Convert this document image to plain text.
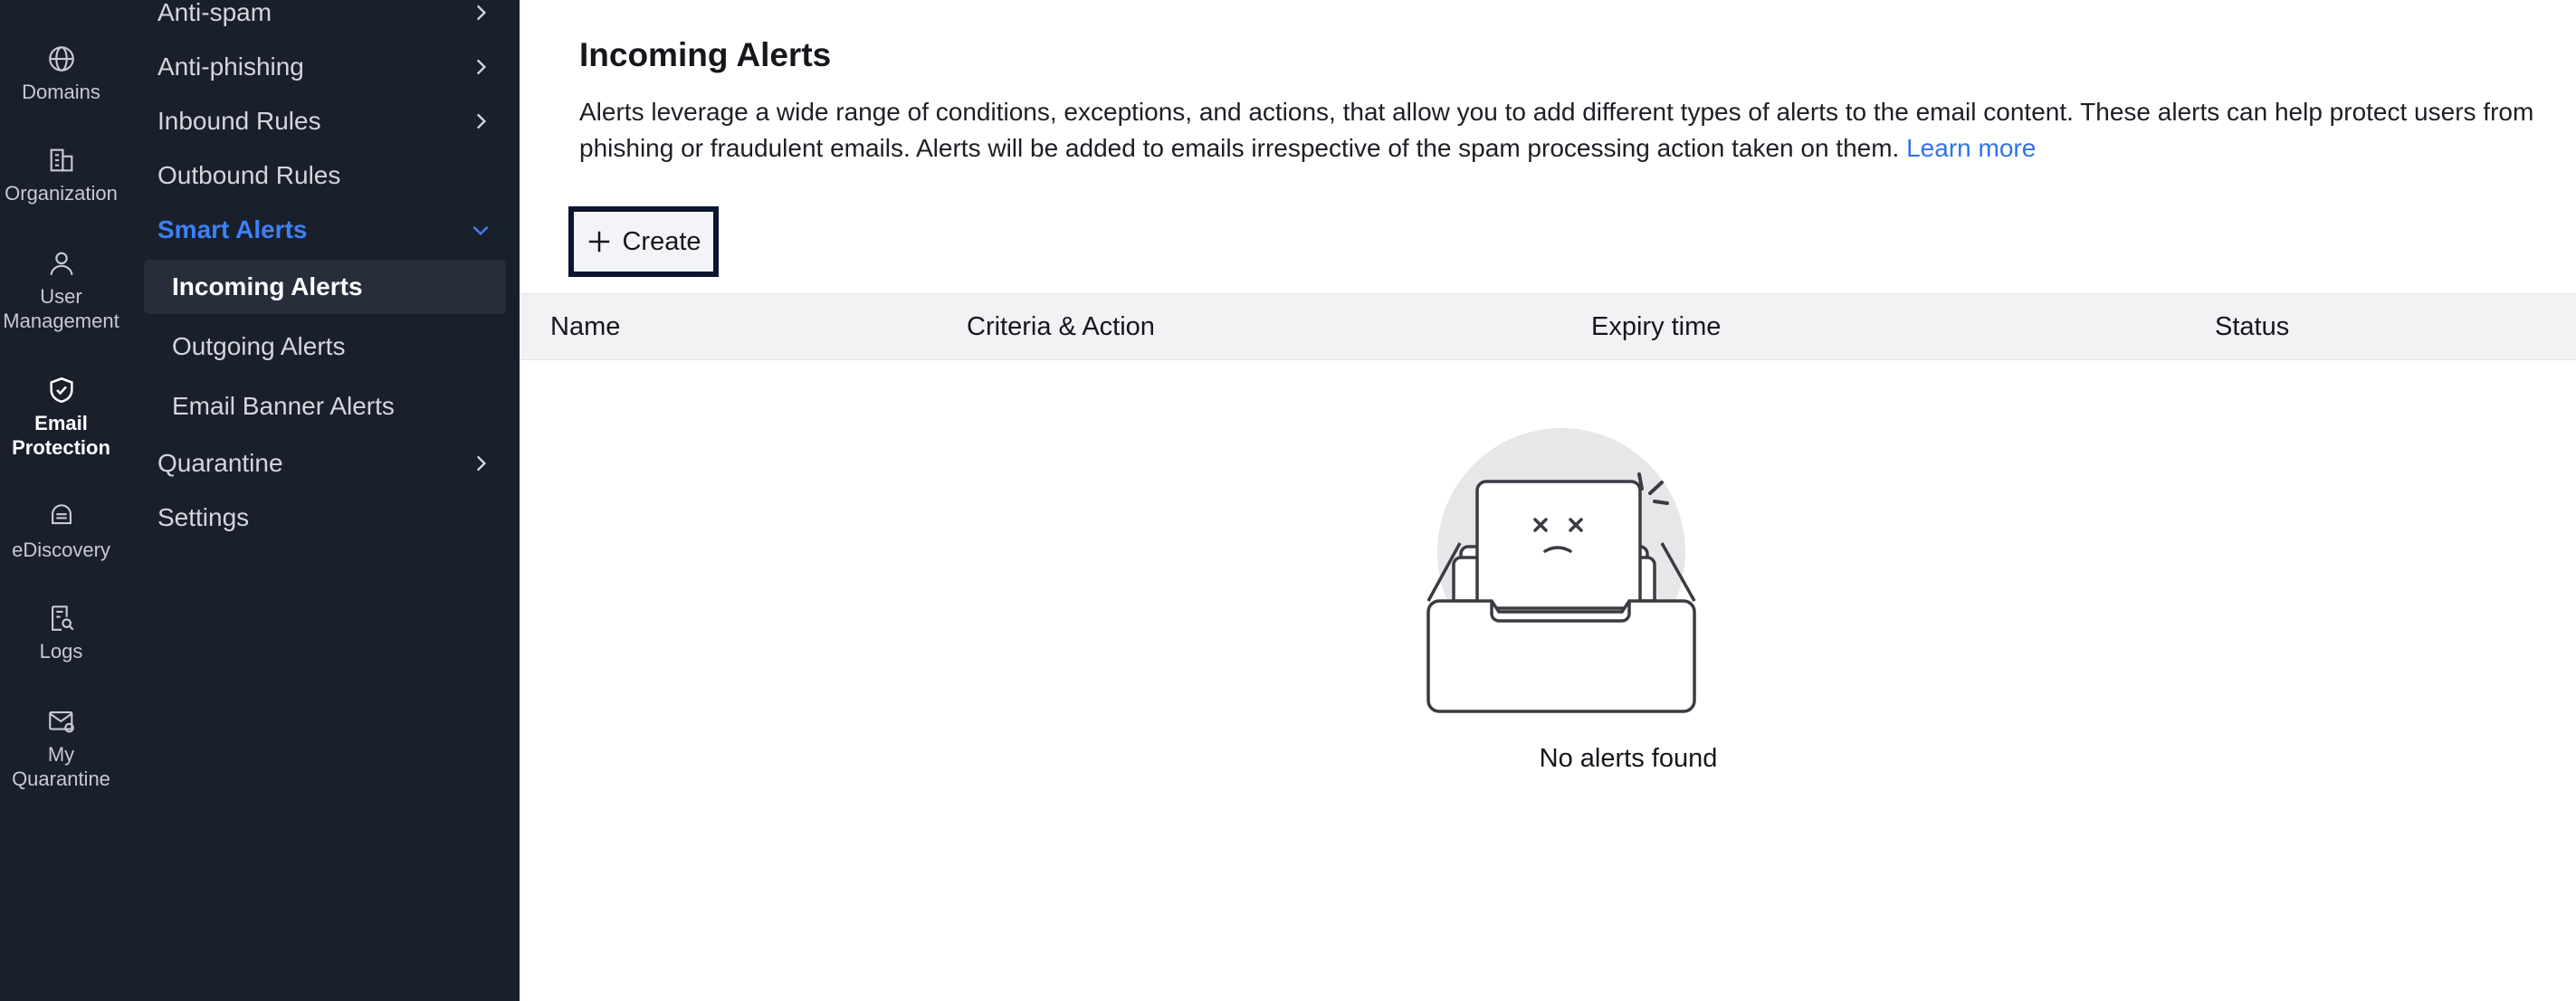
Domains
Organization
User Management
Email Protection
eDiscovery
Logs
My Quarantine
Anti-spam
Anti-phishing
Inbound Rules
Outbound Rules
Smart Alerts
Incoming Alerts
Outgoing Alerts
Email Banner Alerts
Quarantine
Settings
Incoming Alerts
Alerts leverage a wide range of conditions, exceptions, and actions, that allow you to add different types of alerts to the email content. These alerts can help protect users from phishing or fraudulent emails. Alerts will be added to emails irrespective of the spam processing action taken on them. Learn more
Create
Name	Criteria & Action	Expiry time	Status
No alerts found
